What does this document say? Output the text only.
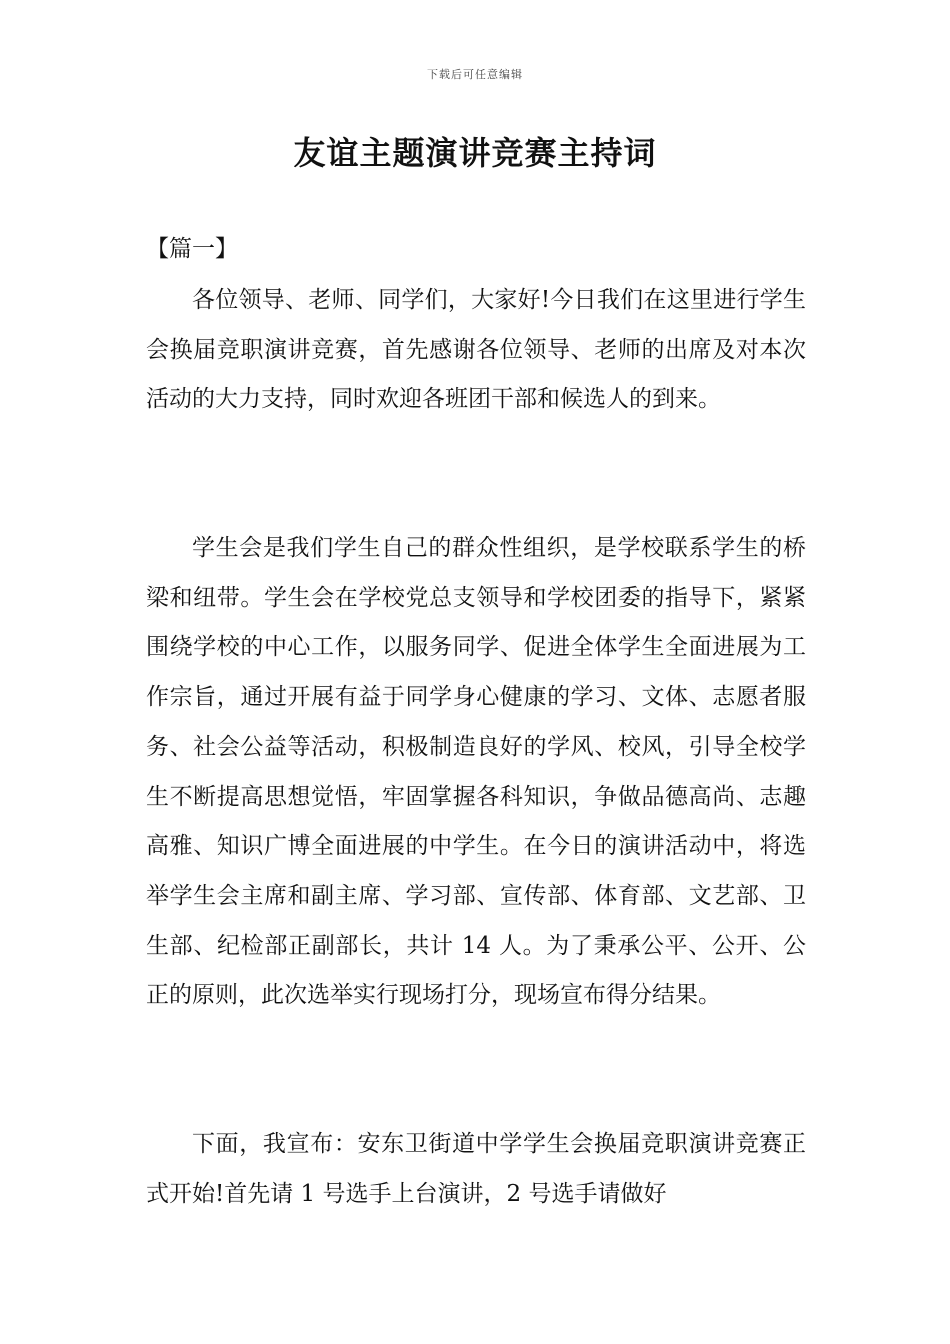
下载后可任意编辑
友谊主题演讲竞赛主持词
【篇一】

各位领导、老师、同学们，大家好!今日我们在这里进行学生会换届竞职演讲竞赛，首先感谢各位领导、老师的出席及对本次活动的大力支持，同时欢迎各班团干部和候选人的到来。

学生会是我们学生自己的群众性组织，是学校联系学生的桥梁和纽带。学生会在学校党总支领导和学校团委的指导下，紧紧围绕学校的中心工作，以服务同学、促进全体学生全面进展为工作宗旨，通过开展有益于同学身心健康的学习、文体、志愿者服务、社会公益等活动，积极制造良好的学风、校风，引导全校学生不断提高思想觉悟，牢固掌握各科知识，争做品德高尚、志趣高雅、知识广博全面进展的中学生。在今日的演讲活动中，将选举学生会主席和副主席、学习部、宣传部、体育部、文艺部、卫生部、纪检部正副部长，共计 14 人。为了秉承公平、公开、公正的原则，此次选举实行现场打分，现场宣布得分结果。

下面，我宣布：安东卫街道中学学生会换届竞职演讲竞赛正式开始!首先请 1 号选手上台演讲，2 号选手请做好
